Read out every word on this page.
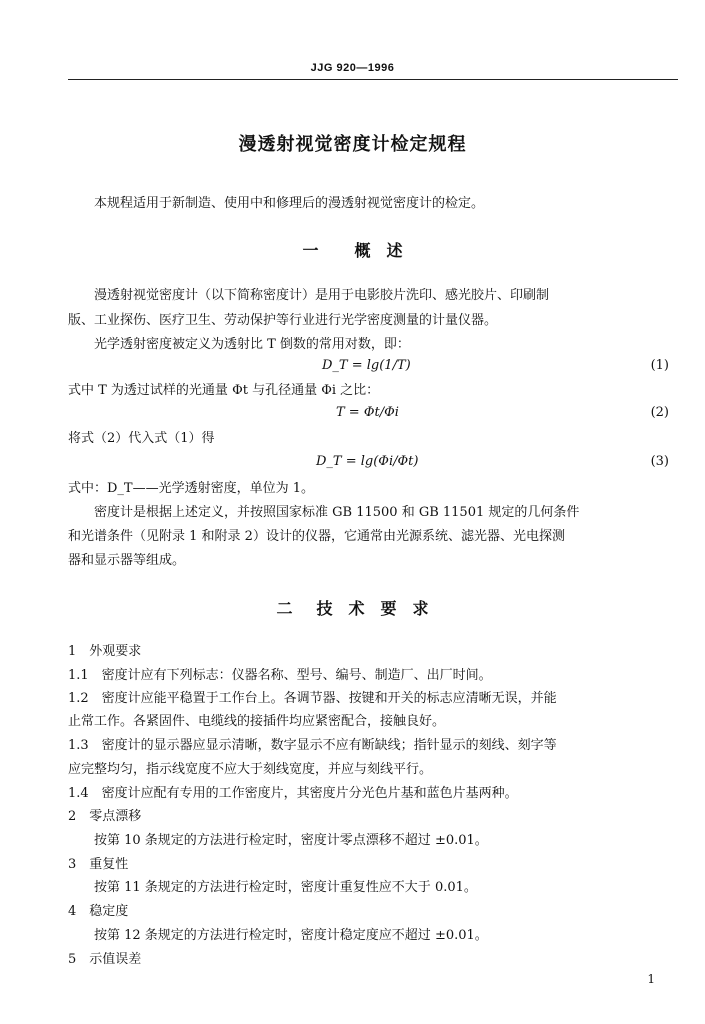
JJG 920—1996
漫透射视觉密度计检定规程
本规程适用于新制造、使用中和修理后的漫透射视觉密度计的检定。
一 概　述
漫透射视觉密度计（以下简称密度计）是用于电影胶片洗印、感光胶片、印刷制
版、工业探伤、医疗卫生、劳动保护等行业进行光学密度测量的计量仪器。
光学透射密度被定义为透射比 T 倒数的常用对数，即：
D_T = lg(1/T)	(1)
式中 T 为透过试样的光通量 Φt 与孔径通量 Φi 之比：
T = Φt/Φi	(2)
将式（2）代入式（1）得
D_T = lg(Φi/Φt)	(3)
式中：D_T——光学透射密度，单位为 1。
密度计是根据上述定义，并按照国家标准 GB 11500 和 GB 11501 规定的几何条件
和光谱条件（见附录 1 和附录 2）设计的仪器，它通常由光源系统、滤光器、光电探测
器和显示器等组成。
二 技　术　要　求
1　外观要求
1.1　密度计应有下列标志：仪器名称、型号、编号、制造厂、出厂时间。
1.2　密度计应能平稳置于工作台上。各调节器、按键和开关的标志应清晰无误，并能
止常工作。各紧固件、电缆线的接插件均应紧密配合，接触良好。
1.3　密度计的显示器应显示清晰，数字显示不应有断缺线；指针显示的刻线、刻字等
应完整均匀，指示线宽度不应大于刻线宽度，并应与刻线平行。
1.4　密度计应配有专用的工作密度片，其密度片分光色片基和蓝色片基两种。
2　零点漂移
按第 10 条规定的方法进行检定时，密度计零点漂移不超过 ±0.01。
3　重复性
按第 11 条规定的方法进行检定时，密度计重复性应不大于 0.01。
4　稳定度
按第 12 条规定的方法进行检定时，密度计稳定度应不超过 ±0.01。
5　示值误差
1
